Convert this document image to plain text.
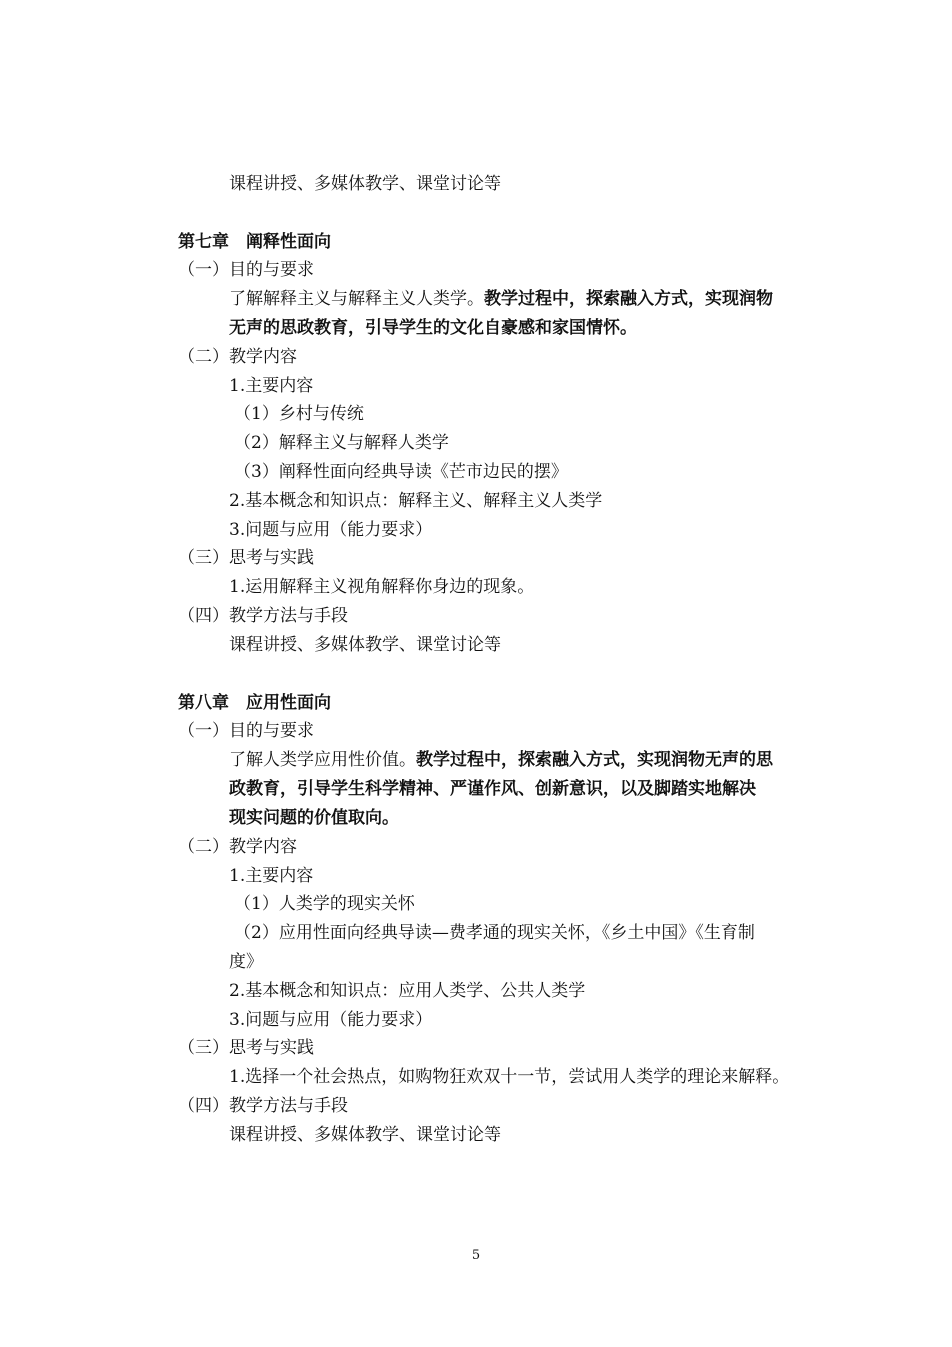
课程讲授、多媒体教学、课堂讨论等
第七章　阐释性面向
（一）目的与要求
了解解释主义与解释主义人类学。教学过程中，探索融入方式，实现润物
无声的思政教育，引导学生的文化自豪感和家国情怀。
（二）教学内容
1.主要内容
（1）乡村与传统
（2）解释主义与解释人类学
（3）阐释性面向经典导读《芒市边民的摆》
2.基本概念和知识点：解释主义、解释主义人类学
3.问题与应用（能力要求）
（三）思考与实践
1.运用解释主义视角解释你身边的现象。
（四）教学方法与手段
课程讲授、多媒体教学、课堂讨论等
第八章　应用性面向
（一）目的与要求
了解人类学应用性价值。教学过程中，探索融入方式，实现润物无声的思
政教育，引导学生科学精神、严谨作风、创新意识，以及脚踏实地解决
现实问题的价值取向。
（二）教学内容
1.主要内容
（1）人类学的现实关怀
（2）应用性面向经典导读—费孝通的现实关怀，《乡土中国》《生育制
度》
2.基本概念和知识点：应用人类学、公共人类学
3.问题与应用（能力要求）
（三）思考与实践
1.选择一个社会热点，如购物狂欢双十一节，尝试用人类学的理论来解释。
（四）教学方法与手段
课程讲授、多媒体教学、课堂讨论等
5
